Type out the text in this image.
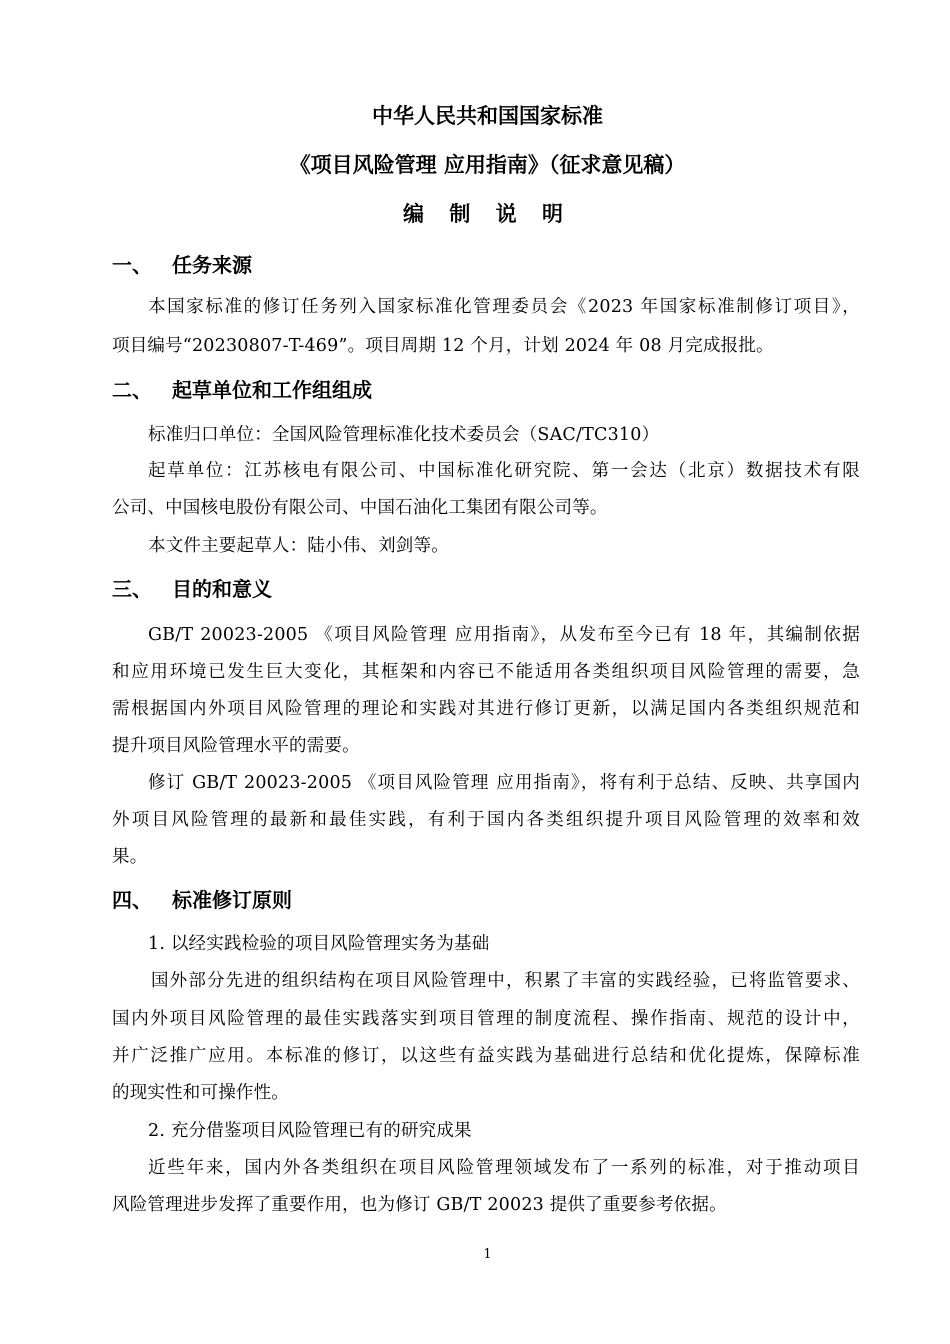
中华人民共和国国家标准
《项目风险管理 应用指南》（征求意见稿）
编 制 说 明
一、 任务来源
本国家标准的修订任务列入国家标准化管理委员会《2023 年国家标准制修订项目》，
项目编号“20230807-T-469”。项目周期 12 个月，计划 2024 年 08 月完成报批。
二、 起草单位和工作组组成
标准归口单位：全国风险管理标准化技术委员会（SAC/TC310）
起草单位：江苏核电有限公司、中国标准化研究院、第一会达（北京）数据技术有限
公司、中国核电股份有限公司、中国石油化工集团有限公司等。
本文件主要起草人：陆小伟、刘剑等。
三、 目的和意义
GB/T 20023-2005 《项目风险管理 应用指南》，从发布至今已有 18 年，其编制依据
和应用环境已发生巨大变化，其框架和内容已不能适用各类组织项目风险管理的需要，急
需根据国内外项目风险管理的理论和实践对其进行修订更新，以满足国内各类组织规范和
提升项目风险管理水平的需要。
修订 GB/T 20023-2005 《项目风险管理 应用指南》，将有利于总结、反映、共享国内
外项目风险管理的最新和最佳实践，有利于国内各类组织提升项目风险管理的效率和效
果。
四、 标准修订原则
1. 以经实践检验的项目风险管理实务为基础
国外部分先进的组织结构在项目风险管理中，积累了丰富的实践经验，已将监管要求、
国内外项目风险管理的最佳实践落实到项目管理的制度流程、操作指南、规范的设计中，
并广泛推广应用。本标准的修订，以这些有益实践为基础进行总结和优化提炼，保障标准
的现实性和可操作性。
2. 充分借鉴项目风险管理已有的研究成果
近些年来，国内外各类组织在项目风险管理领域发布了一系列的标准，对于推动项目
风险管理进步发挥了重要作用，也为修订 GB/T 20023 提供了重要参考依据。
1
